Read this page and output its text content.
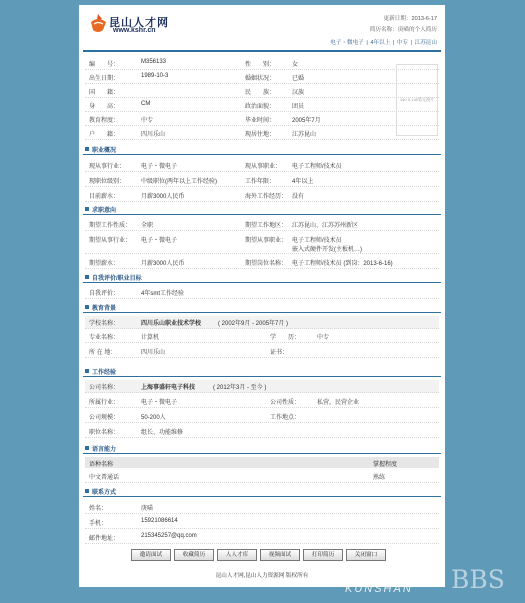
昆山人才网
www.kshr.cn
更新日期：2013-6-17
简历名称：庚喵的个人简历
电子・微电子 | 4年以上 | 中专 | 江苏昆山
编　　号：	M356133	性　　别：	女
出生日期：	1989-10-3	婚姻状况：	已婚
国　　籍：	民　　族：	汉族
身　　高：	CM	政治面貌：	团员
教育程度：	中专	毕业时间：	2005年7月
户　　籍：	四川乐山	现居住地：	江苏昆山
140 X 140暂无照片
职业概况
现从事行业：	电子・微电子	现从事职业： 电子工程师/技术员
现职位级别：	中级职位(两年以上工作经验)	工作年限：	4年以上
目前薪水：	月薪3000人民币	海外工作经历： 没有
求职意向
期望工作性质： 全职	期望工作地区： 江苏昆山、江苏苏州新区
期望从事行业： 电子・微电子	期望从事职业： 电子工程师/技术员
嵌入式硬件开发(主板机…)
期望薪水：	月薪3000人民币	期望岗位名称： 电子工程师/技术员 (到岗：2013-6-16)
自我评价/职业目标
自我评价：	4年smt工作经验
教育背景
学校名称：	四川乐山职业技术学校	( 2002年9月 - 2005年7月 )
专业名称：	计算机	学　　历：	中专
所 在 地：	四川乐山	证书：
工作经验
公司名称：	上海事盛轩电子科技	( 2012年3月 - 至今 )
所属行业：	电子・微电子	公司性质：	私营，民营企业
公司规模：	50-200人	工作地点：
职位名称：	组长、功能维修
语言能力
语种名称	掌握程度
中文普通话	熟练
联系方式
姓名：	庚喵
手机：	15921086614
邮件地址：	215345257@qq.com
邀请面试	收藏简历	人人才库	视频面试	打印简历	关闭窗口
昆山人才网,昆山人力资源网 版权所有	昆山论坛
KUNSHAN BBS
